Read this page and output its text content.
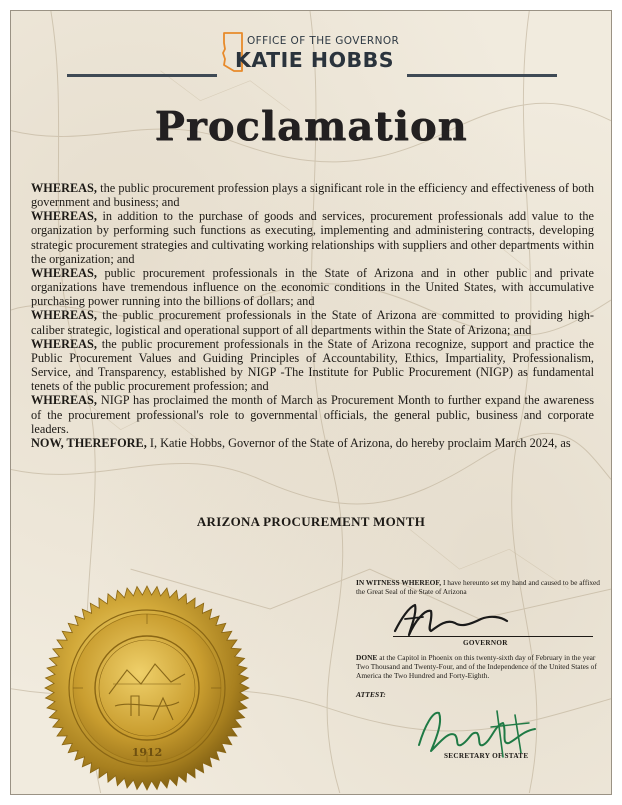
OFFICE OF THE GOVERNOR
KATIE HOBBS
Proclamation

WHEREAS, the public procurement profession plays a significant role in the efficiency and effectiveness of both government and business; and

WHEREAS, in addition to the purchase of goods and services, procurement professionals add value to the organization by performing such functions as executing, implementing and administering contracts, developing strategic procurement strategies and cultivating working relationships with suppliers and other departments within the organization; and

WHEREAS, public procurement professionals in the State of Arizona and in other public and private organizations have tremendous influence on the economic conditions in the United States, with accumulative purchasing power running into the billions of dollars; and

WHEREAS, the public procurement professionals in the State of Arizona are committed to providing high-caliber strategic, logistical and operational support of all departments within the State of Arizona; and

WHEREAS, the public procurement professionals in the State of Arizona recognize, support and practice the Public Procurement Values and Guiding Principles of Accountability, Ethics, Impartiality, Professionalism, Service, and Transparency, established by NIGP -The Institute for Public Procurement (NIGP) as fundamental tenets of the public procurement profession; and

WHEREAS, NIGP has proclaimed the month of March as Procurement Month to further expand the awareness of the procurement professional's role to governmental officials, the general public, business and corporate leaders.

NOW, THEREFORE, I, Katie Hobbs, Governor of the State of Arizona, do hereby proclaim March 2024, as

ARIZONA PROCUREMENT MONTH
1912
IN WITNESS WHEREOF, I have hereunto set my hand and caused to be affixed the Great Seal of the State of Arizona
GOVERNOR
DONE at the Capitol in Phoenix on this twenty-sixth day of February in the year Two Thousand and Twenty-Four, and of the Independence of the United States of America the Two Hundred and Forty-Eighth.
ATTEST:
SECRETARY OF STATE
